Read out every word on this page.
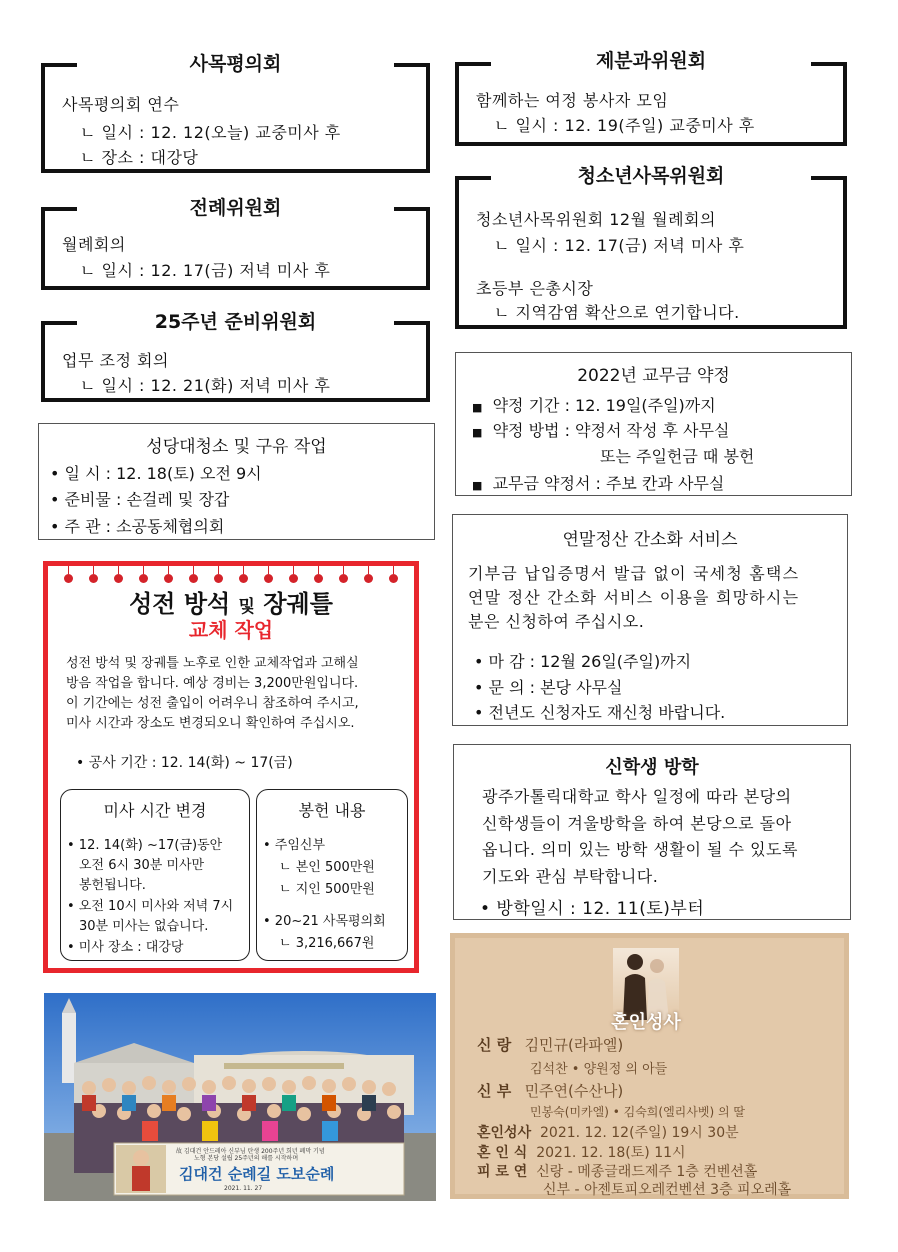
사목평의회
사목평의회 연수
ㄴ 일시 : 12. 12(오늘) 교중미사 후
ㄴ 장소 : 대강당
전례위원회
월례회의
ㄴ 일시 : 12. 17(금) 저녁 미사 후
25주년 준비위원회
업무 조정 회의
ㄴ 일시 : 12. 21(화) 저녁 미사 후
성당대청소 및 구유 작업
• 일 시 : 12. 18(토) 오전 9시
• 준비물 : 손걸레 및 장갑
• 주 관 : 소공동체협의회
제분과위원회
함께하는 여정 봉사자 모임
ㄴ 일시 : 12. 19(주일) 교중미사 후
청소년사목위원회
청소년사목위원회 12월 월례회의
ㄴ 일시 : 12. 17(금) 저녁 미사 후
초등부 은총시장
ㄴ 지역감염 확산으로 연기합니다.
2022년 교무금 약정
■ 약정 기간 : 12. 19일(주일)까지
■ 약정 방법 : 약정서 작성 후 사무실
또는 주일헌금 때 봉헌
■ 교무금 약정서 : 주보 칸과 사무실
연말정산 간소화 서비스
기부금 납입증명서 발급 없이 국세청 홈택스
연말 정산 간소화 서비스 이용을 희망하시는
분은 신청하여 주십시오.
• 마 감 : 12월 26일(주일)까지
• 문 의 : 본당 사무실
• 전년도 신청자도 재신청 바랍니다.
신학생 방학
광주가톨릭대학교 학사 일정에 따라 본당의
신학생들이 겨울방학을 하여 본당으로 돌아
옵니다. 의미 있는 방학 생활이 될 수 있도록
기도와 관심 부탁합니다.
• 방학일시 : 12. 11(토)부터
성전 방석 및 장궤틀
교체 작업
성전 방석 및 장궤틀 노후로 인한 교체작업과 고해실
방음 작업을 합니다. 예상 경비는 3,200만원입니다.
이 기간에는 성전 출입이 어려우니 참조하여 주시고,
미사 시간과 장소도 변경되오니 확인하여 주십시오.
• 공사 기간 : 12. 14(화) ~ 17(금)
미사 시간 변경
• 12. 14(화) ~17(금)동안
오전 6시 30분 미사만
봉헌됩니다.
• 오전 10시 미사와 저녁 7시
30분 미사는 없습니다.
• 미사 장소 : 대강당
봉헌 내용
• 주임신부
ㄴ 본인 500만원
ㄴ 지인 500만원
• 20~21 사목평의회
ㄴ 3,216,667원
故 김대건 안드레아 신부님 탄생 200주년 희년 폐막 기념
노형 본당 설립 25주년의 해를 시작하며
김대건 순례길 도보순례
2021. 11. 27
혼인성사
신 랑 김민규(라파엘)
김석찬 • 양원정 의 아들
신 부 민주연(수산나)
민봉숙(미카엘) • 김숙희(엘리사벳) 의 딸
혼인성사 2021. 12. 12(주일) 19시 30분
혼 인 식 2021. 12. 18(토) 11시
피 로 연 신랑 - 메종글래드제주 1층 컨벤션홀
신부 - 아젠토피오레컨벤션 3층 피오레홀
